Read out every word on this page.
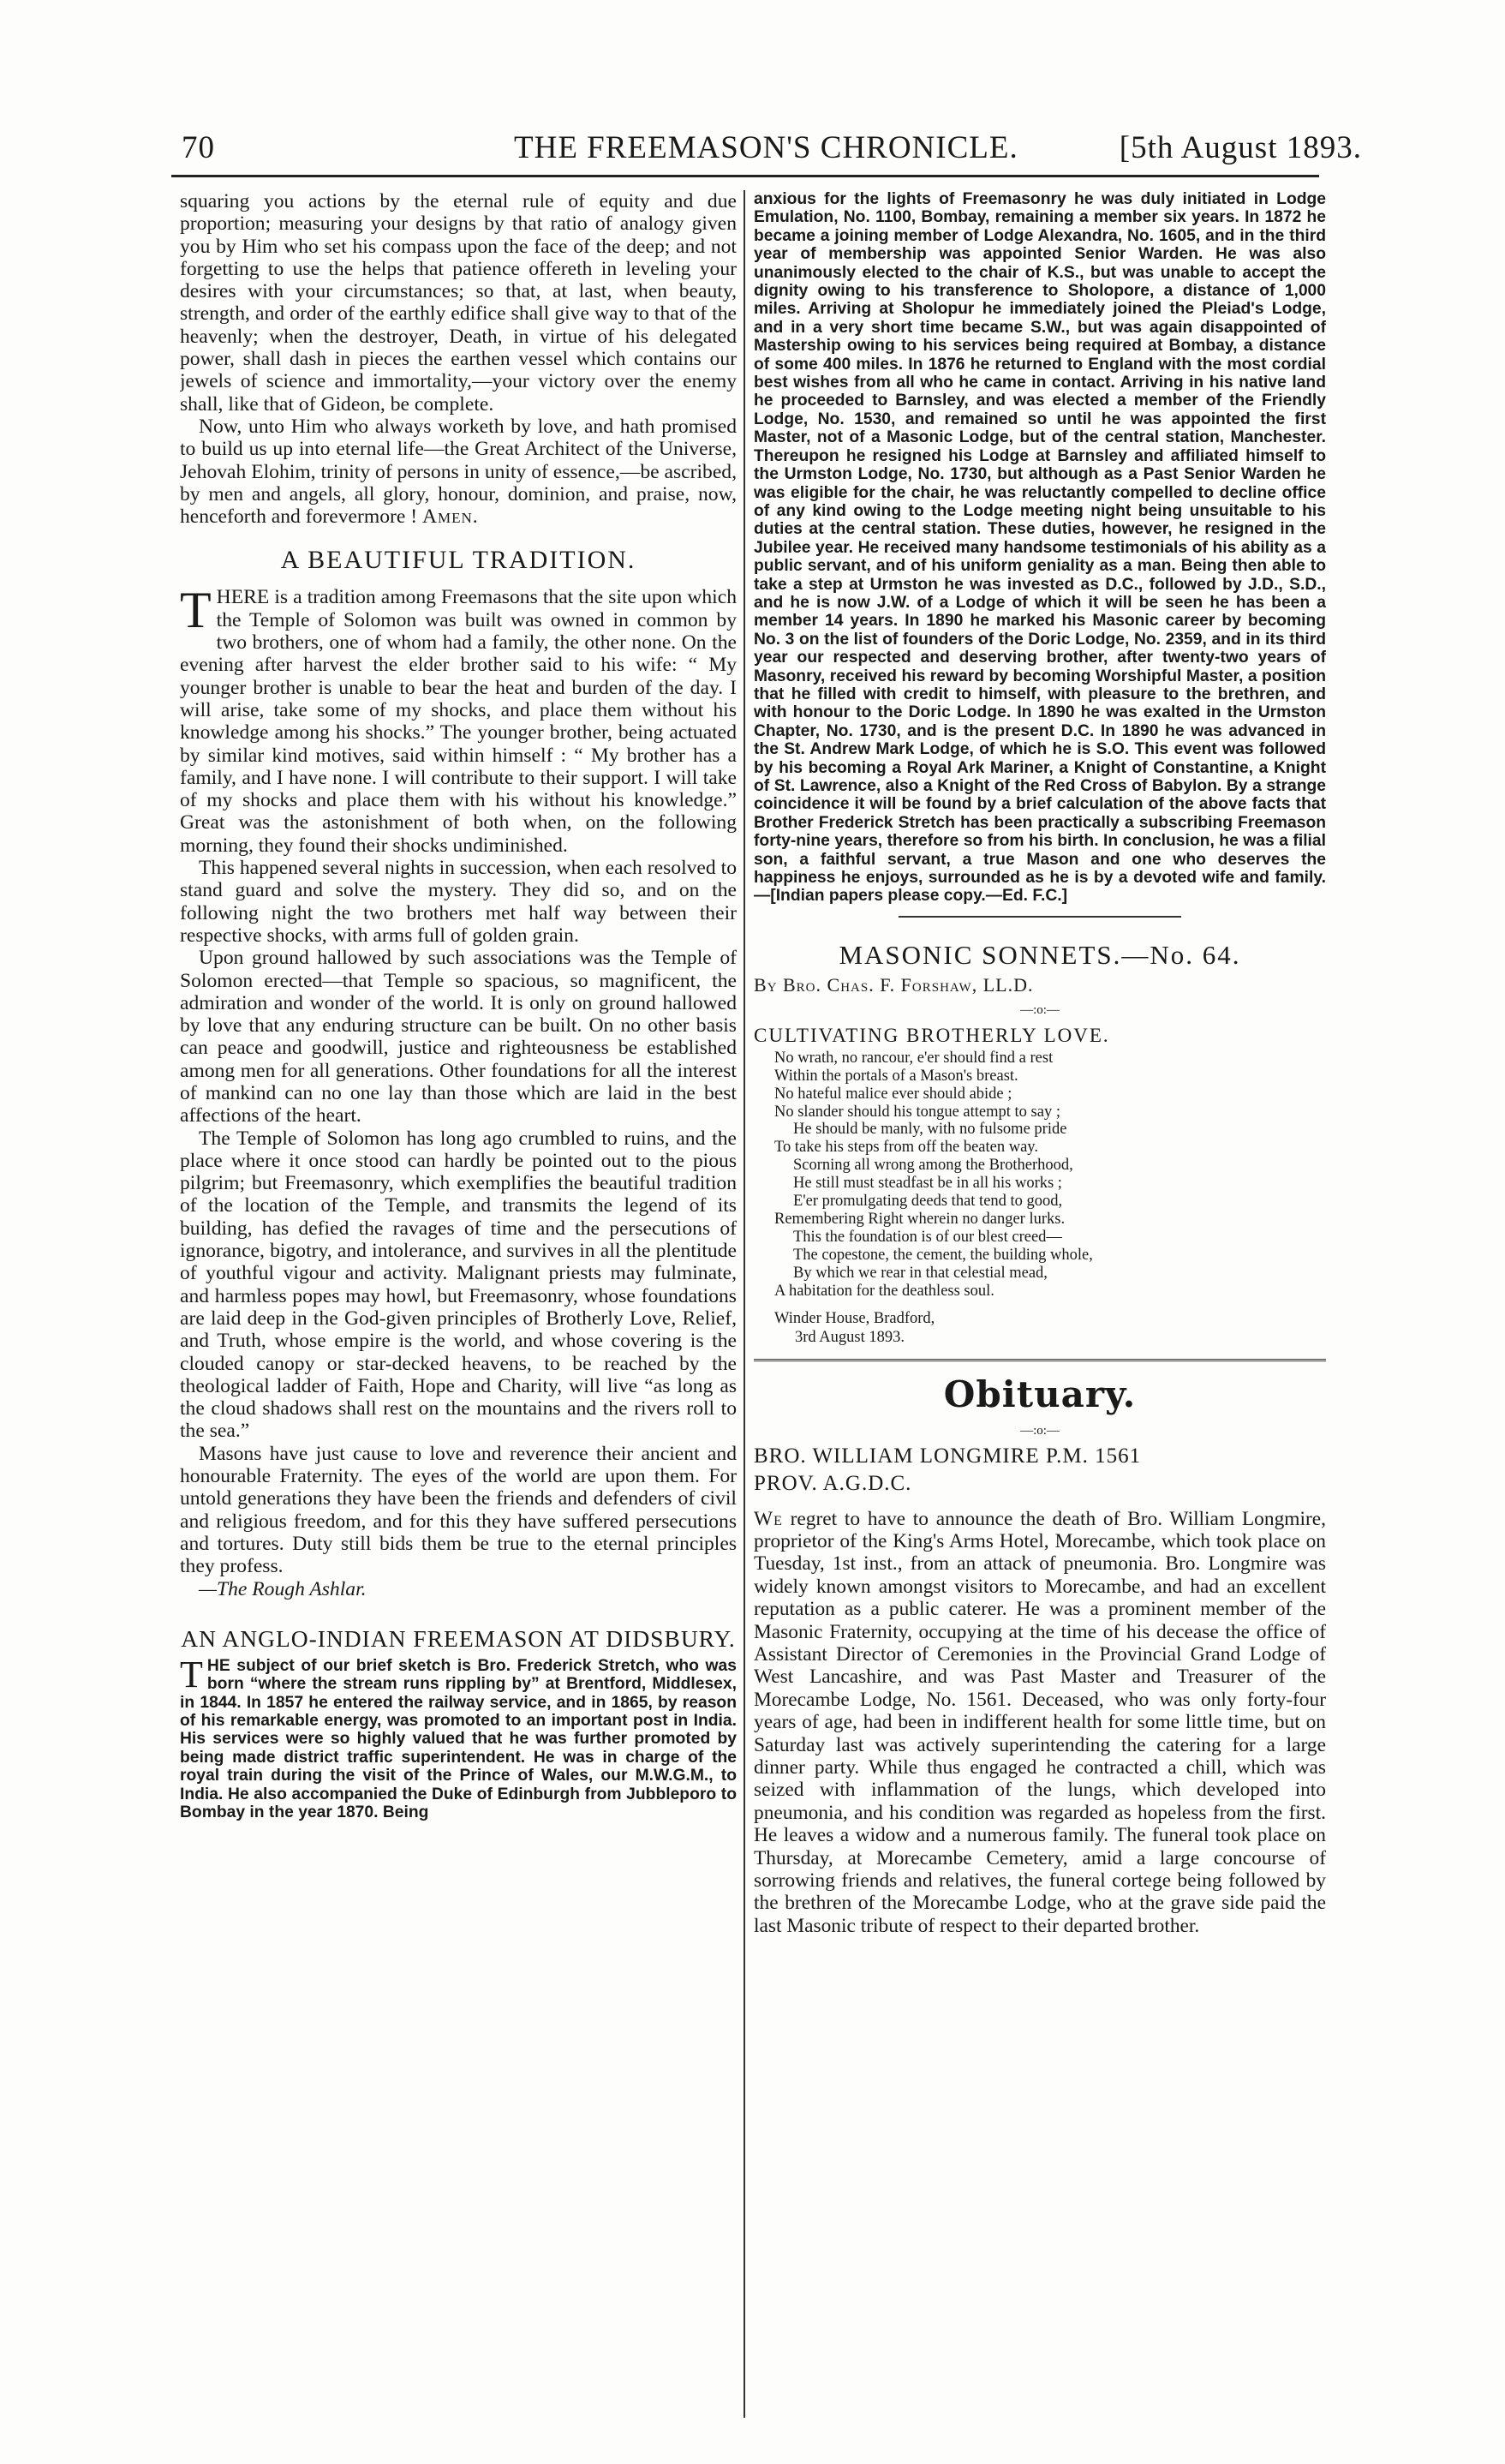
70	THE FREEMASON'S CHRONICLE.	[5th August 1893.

squaring you actions by the eternal rule of equity and due proportion; measuring your designs by that ratio of analogy given you by Him who set his compass upon the face of the deep; and not forgetting to use the helps that patience offereth in leveling your desires with your circumstances; so that, at last, when beauty, strength, and order of the earthly edifice shall give way to that of the heavenly; when the destroyer, Death, in virtue of his delegated power, shall dash in pieces the earthen vessel which contains our jewels of science and immortality,—your victory over the enemy shall, like that of Gideon, be complete.

Now, unto Him who always worketh by love, and hath promised to build us up into eternal life—the Great Architect of the Universe, Jehovah Elohim, trinity of persons in unity of essence,—be ascribed, by men and angels, all glory, honour, dominion, and praise, now, henceforth and forevermore ! Amen.

A BEAUTIFUL TRADITION.

THERE is a tradition among Freemasons that the site upon which the Temple of Solomon was built was owned in common by two brothers, one of whom had a family, the other none. On the evening after harvest the elder brother said to his wife: “ My younger brother is unable to bear the heat and burden of the day. I will arise, take some of my shocks, and place them without his knowledge among his shocks.” The younger brother, being actuated by similar kind motives, said within himself : “ My brother has a family, and I have none. I will contribute to their support. I will take of my shocks and place them with his without his knowledge.” Great was the astonishment of both when, on the following morning, they found their shocks undiminished.

This happened several nights in succession, when each resolved to stand guard and solve the mystery. They did so, and on the following night the two brothers met half way between their respective shocks, with arms full of golden grain.

Upon ground hallowed by such associations was the Temple of Solomon erected—that Temple so spacious, so magnificent, the admiration and wonder of the world. It is only on ground hallowed by love that any enduring structure can be built. On no other basis can peace and goodwill, justice and righteousness be established among men for all generations. Other foundations for all the interest of mankind can no one lay than those which are laid in the best affections of the heart.

The Temple of Solomon has long ago crumbled to ruins, and the place where it once stood can hardly be pointed out to the pious pilgrim; but Freemasonry, which exemplifies the beautiful tradition of the location of the Temple, and transmits the legend of its building, has defied the ravages of time and the persecutions of ignorance, bigotry, and intolerance, and survives in all the plentitude of youthful vigour and activity. Malignant priests may fulminate, and harmless popes may howl, but Freemasonry, whose foundations are laid deep in the God-given principles of Brotherly Love, Relief, and Truth, whose empire is the world, and whose covering is the clouded canopy or star-decked heavens, to be reached by the theological ladder of Faith, Hope and Charity, will live “as long as the cloud shadows shall rest on the mountains and the rivers roll to the sea.”

Masons have just cause to love and reverence their ancient and honourable Fraternity. The eyes of the world are upon them. For untold generations they have been the friends and defenders of civil and religious freedom, and for this they have suffered persecutions and tortures. Duty still bids them be true to the eternal principles they profess.

—The Rough Ashlar.

AN ANGLO-INDIAN FREEMASON AT DIDSBURY.

THE subject of our brief sketch is Bro. Frederick Stretch, who was born “where the stream runs rippling by” at Brentford, Middlesex, in 1844. In 1857 he entered the railway service, and in 1865, by reason of his remarkable energy, was promoted to an important post in India. His services were so highly valued that he was further promoted by being made district traffic superintendent. He was in charge of the royal train during the visit of the Prince of Wales, our M.W.G.M., to India. He also accompanied the Duke of Edinburgh from Jubbleporo to Bombay in the year 1870. Being

anxious for the lights of Freemasonry he was duly initiated in Lodge Emulation, No. 1100, Bombay, remaining a member six years. In 1872 he became a joining member of Lodge Alexandra, No. 1605, and in the third year of membership was appointed Senior Warden. He was also unanimously elected to the chair of K.S., but was unable to accept the dignity owing to his transference to Sholopore, a distance of 1,000 miles. Arriving at Sholopur he immediately joined the Pleiad's Lodge, and in a very short time became S.W., but was again disappointed of Mastership owing to his services being required at Bombay, a distance of some 400 miles. In 1876 he returned to England with the most cordial best wishes from all who he came in contact. Arriving in his native land he proceeded to Barnsley, and was elected a member of the Friendly Lodge, No. 1530, and remained so until he was appointed the first Master, not of a Masonic Lodge, but of the central station, Manchester. Thereupon he resigned his Lodge at Barnsley and affiliated himself to the Urmston Lodge, No. 1730, but although as a Past Senior Warden he was eligible for the chair, he was reluctantly compelled to decline office of any kind owing to the Lodge meeting night being unsuitable to his duties at the central station. These duties, however, he resigned in the Jubilee year. He received many handsome testimonials of his ability as a public servant, and of his uniform geniality as a man. Being then able to take a step at Urmston he was invested as D.C., followed by J.D., S.D., and he is now J.W. of a Lodge of which it will be seen he has been a member 14 years. In 1890 he marked his Masonic career by becoming No. 3 on the list of founders of the Doric Lodge, No. 2359, and in its third year our respected and deserving brother, after twenty-two years of Masonry, received his reward by becoming Worshipful Master, a position that he filled with credit to himself, with pleasure to the brethren, and with honour to the Doric Lodge. In 1890 he was exalted in the Urmston Chapter, No. 1730, and is the present D.C. In 1890 he was advanced in the St. Andrew Mark Lodge, of which he is S.O. This event was followed by his becoming a Royal Ark Mariner, a Knight of Constantine, a Knight of St. Lawrence, also a Knight of the Red Cross of Babylon. By a strange coincidence it will be found by a brief calculation of the above facts that Brother Frederick Stretch has been practically a subscribing Freemason forty-nine years, therefore so from his birth. In conclusion, he was a filial son, a faithful servant, a true Mason and one who deserves the happiness he enjoys, surrounded as he is by a devoted wife and family.—[Indian papers please copy.—Ed. F.C.]

MASONIC SONNETS.—No. 64.

By Bro. Chas. F. Forshaw, LL.D.

—:o:—

CULTIVATING BROTHERLY LOVE.

No wrath, no rancour, e'er should find a rest
Within the portals of a Mason's breast.
No hateful malice ever should abide ;
No slander should his tongue attempt to say ;
He should be manly, with no fulsome pride
To take his steps from off the beaten way.
Scorning all wrong among the Brotherhood,
He still must steadfast be in all his works ;
E'er promulgating deeds that tend to good,
Remembering Right wherein no danger lurks.
This the foundation is of our blest creed—
The copestone, the cement, the building whole,
By which we rear in that celestial mead,
A habitation for the deathless soul.
Winder House, Bradford,
3rd August 1893.
Obituary.
—:o:—

BRO. WILLIAM LONGMIRE P.M. 1561

PROV. A.G.D.C.

We regret to have to announce the death of Bro. William Longmire, proprietor of the King's Arms Hotel, Morecambe, which took place on Tuesday, 1st inst., from an attack of pneumonia. Bro. Longmire was widely known amongst visitors to Morecambe, and had an excellent reputation as a public caterer. He was a prominent member of the Masonic Fraternity, occupying at the time of his decease the office of Assistant Director of Ceremonies in the Provincial Grand Lodge of West Lancashire, and was Past Master and Treasurer of the Morecambe Lodge, No. 1561. Deceased, who was only forty-four years of age, had been in indifferent health for some little time, but on Saturday last was actively superintending the catering for a large dinner party. While thus engaged he contracted a chill, which was seized with inflammation of the lungs, which developed into pneumonia, and his condition was regarded as hopeless from the first. He leaves a widow and a numerous family. The funeral took place on Thursday, at Morecambe Cemetery, amid a large concourse of sorrowing friends and relatives, the funeral cortege being followed by the brethren of the Morecambe Lodge, who at the grave side paid the last Masonic tribute of respect to their departed brother.
